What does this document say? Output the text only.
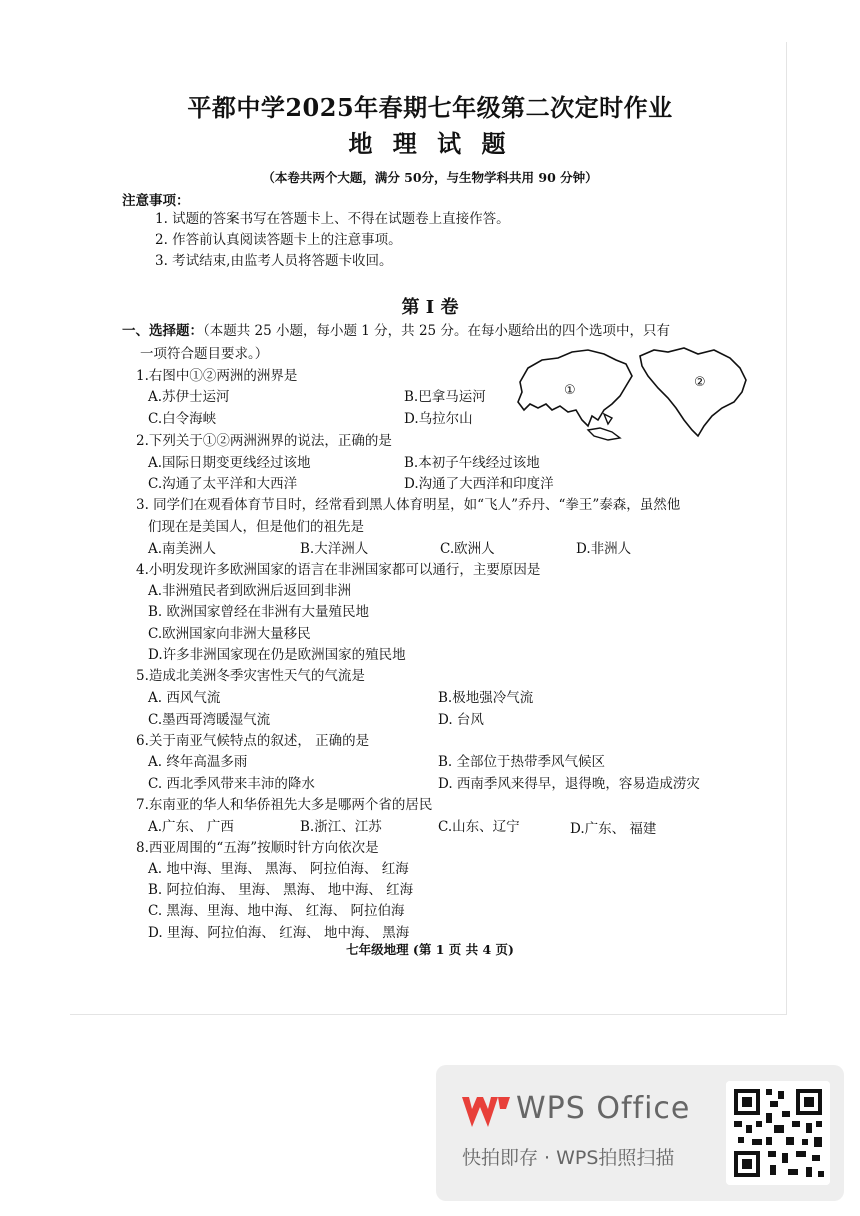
平都中学2025年春期七年级第二次定时作业
地 理 试 题
（本卷共两个大题，满分 50分，与生物学科共用 90 分钟）
注意事项：
1. 试题的答案书写在答题卡上、不得在试题卷上直接作答。
2. 作答前认真阅读答题卡上的注意事项。
3. 考试结束,由监考人员将答题卡收回。
第 Ⅰ 卷
一、选择题：（本题共 25 小题，每小题 1 分，共 25 分。在每小题给出的四个选项中，只有
一项符合题目要求。）
1.右图中①②两洲的洲界是
A.苏伊士运河	B.巴拿马运河
C.白令海峡	D.乌拉尔山
2.下列关于①②两洲洲界的说法，正确的是
A.国际日期变更线经过该地	B.本初子午线经过该地
C.沟通了太平洋和大西洋	D.沟通了大西洋和印度洋
3. 同学们在观看体育节目时，经常看到黑人体育明星，如“飞人”乔丹、“拳王”泰森，虽然他
们现在是美国人，但是他们的祖先是
A.南美洲人	B.大洋洲人	C.欧洲人	D.非洲人
4.小明发现许多欧洲国家的语言在非洲国家都可以通行，主要原因是
A.非洲殖民者到欧洲后返回到非洲
B. 欧洲国家曾经在非洲有大量殖民地
C.欧洲国家向非洲大量移民
D.许多非洲国家现在仍是欧洲国家的殖民地
5.造成北美洲冬季灾害性天气的气流是
A. 西风气流	B.极地强冷气流
C.墨西哥湾暖湿气流	D. 台风
6.关于南亚气候特点的叙述， 正确的是
A. 终年高温多雨	B. 全部位于热带季风气候区
C. 西北季风带来丰沛的降水	D. 西南季风来得早，退得晚，容易造成涝灾
7.东南亚的华人和华侨祖先大多是哪两个省的居民
A.广东、 广西	B.浙江、江苏	C.山东、辽宁	D.广东、 福建
8.西亚周围的“五海”按顺时针方向依次是
A. 地中海、里海、 黑海、 阿拉伯海、 红海
B. 阿拉伯海、 里海、 黑海、 地中海、 红海
C. 黑海、里海、地中海、 红海、 阿拉伯海
D. 里海、阿拉伯海、 红海、 地中海、 黑海
①
②
七年级地理 (第 1 页 共 4 页)
WPS Office
快拍即存 · WPS拍照扫描
